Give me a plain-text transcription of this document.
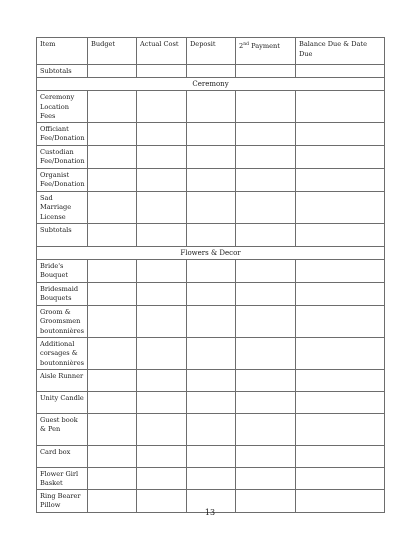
Item	Budget	Actual Cost	Deposit	2nd Payment	Balance Due & Date Due
Subtotals					
Ceremony					
Ceremony Location Fees					
Officiant Fee/Donation					
Custodian Fee/Donation					
Organist Fee/Donation					
Sad Marriage License					
Subtotals					
Flowers & Decor					
Bride's Bouquet					
Bridesmaid Bouquets					
Groom & Groomsmen boutonnières					
Additional corsages & boutonnières					
Aisle Runner					
Unity Candle					
Guest book & Pen					
Card box					
Flower Girl Basket					
Ring Bearer Pillow					
13
